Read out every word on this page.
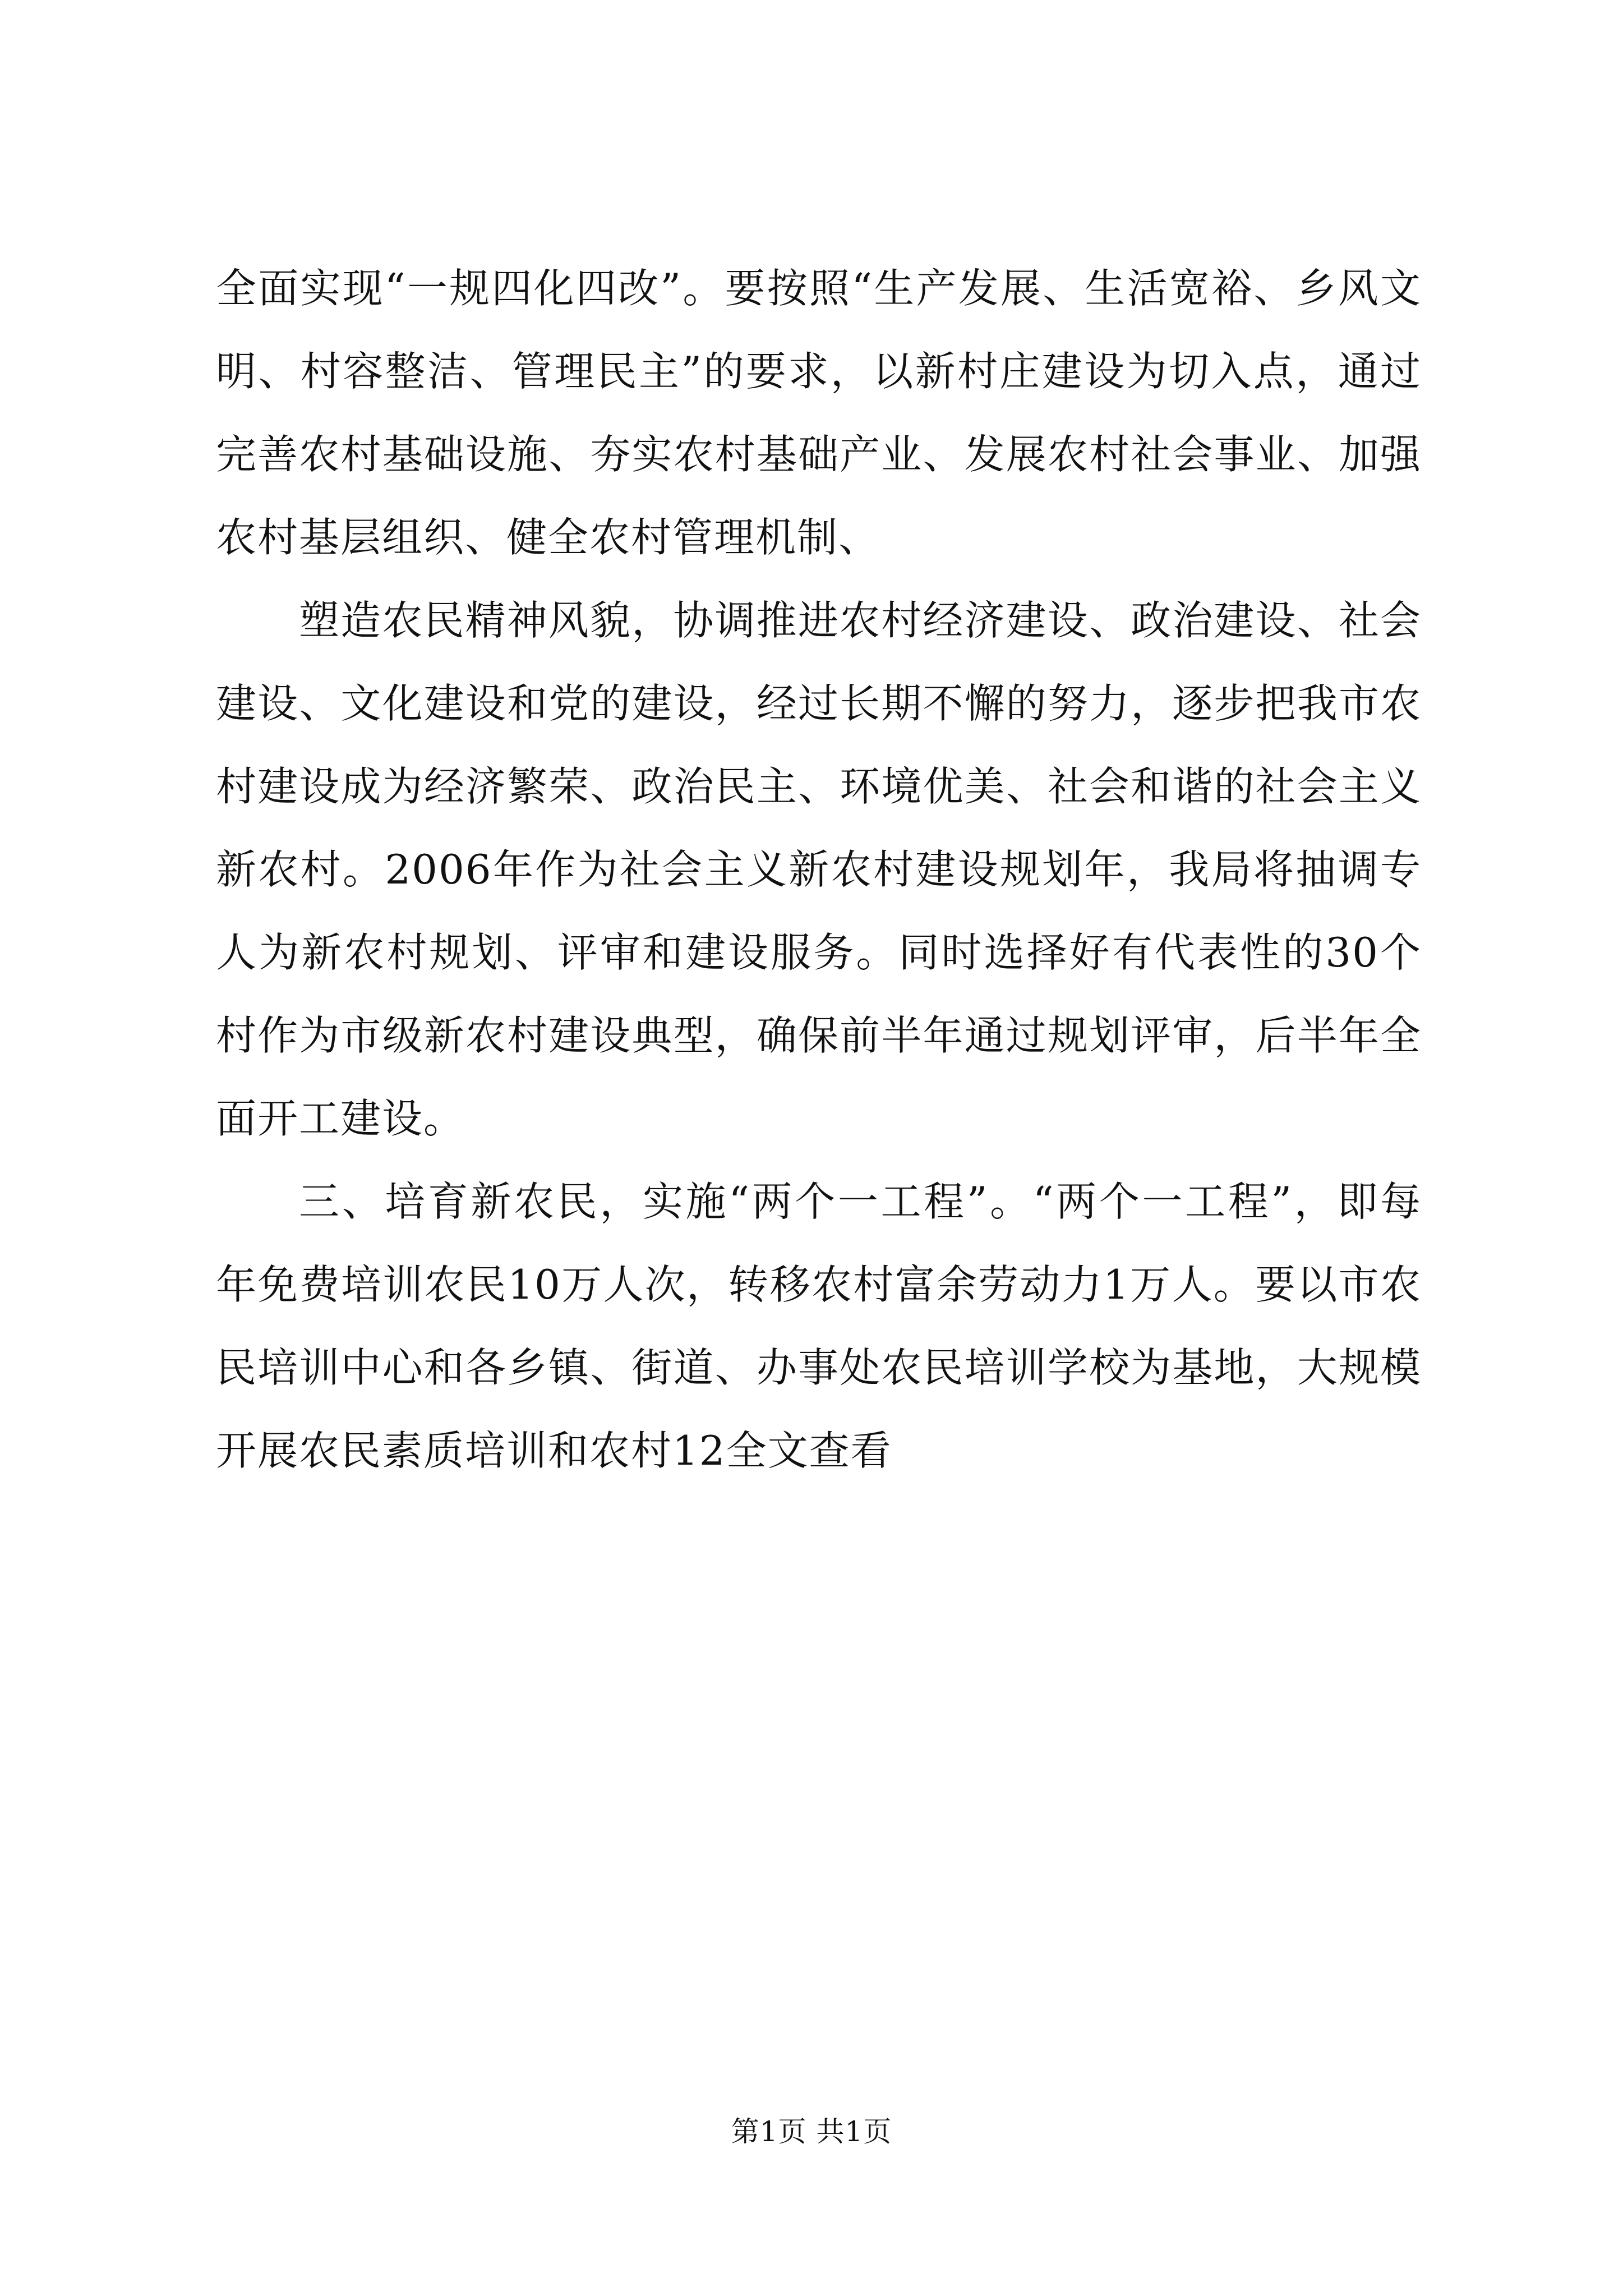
全面实现“一规四化四改”。要按照“生产发展、生活宽裕、乡风文明、村容整洁、管理民主”的要求，以新村庄建设为切入点，通过完善农村基础设施、夯实农村基础产业、发展农村社会事业、加强农村基层组织、健全农村管理机制、

塑造农民精神风貌，协调推进农村经济建设、政治建设、社会建设、文化建设和党的建设，经过长期不懈的努力，逐步把我市农村建设成为经济繁荣、政治民主、环境优美、社会和谐的社会主义新农村。2006年作为社会主义新农村建设规划年，我局将抽调专人为新农村规划、评审和建设服务。同时选择好有代表性的30个村作为市级新农村建设典型，确保前半年通过规划评审，后半年全面开工建设。

三、培育新农民，实施“两个一工程”。“两个一工程”，即每年免费培训农民10万人次，转移农村富余劳动力1万人。要以市农民培训中心和各乡镇、街道、办事处农民培训学校为基地，大规模开展农民素质培训和农村12全文查看

第1页 共1页
